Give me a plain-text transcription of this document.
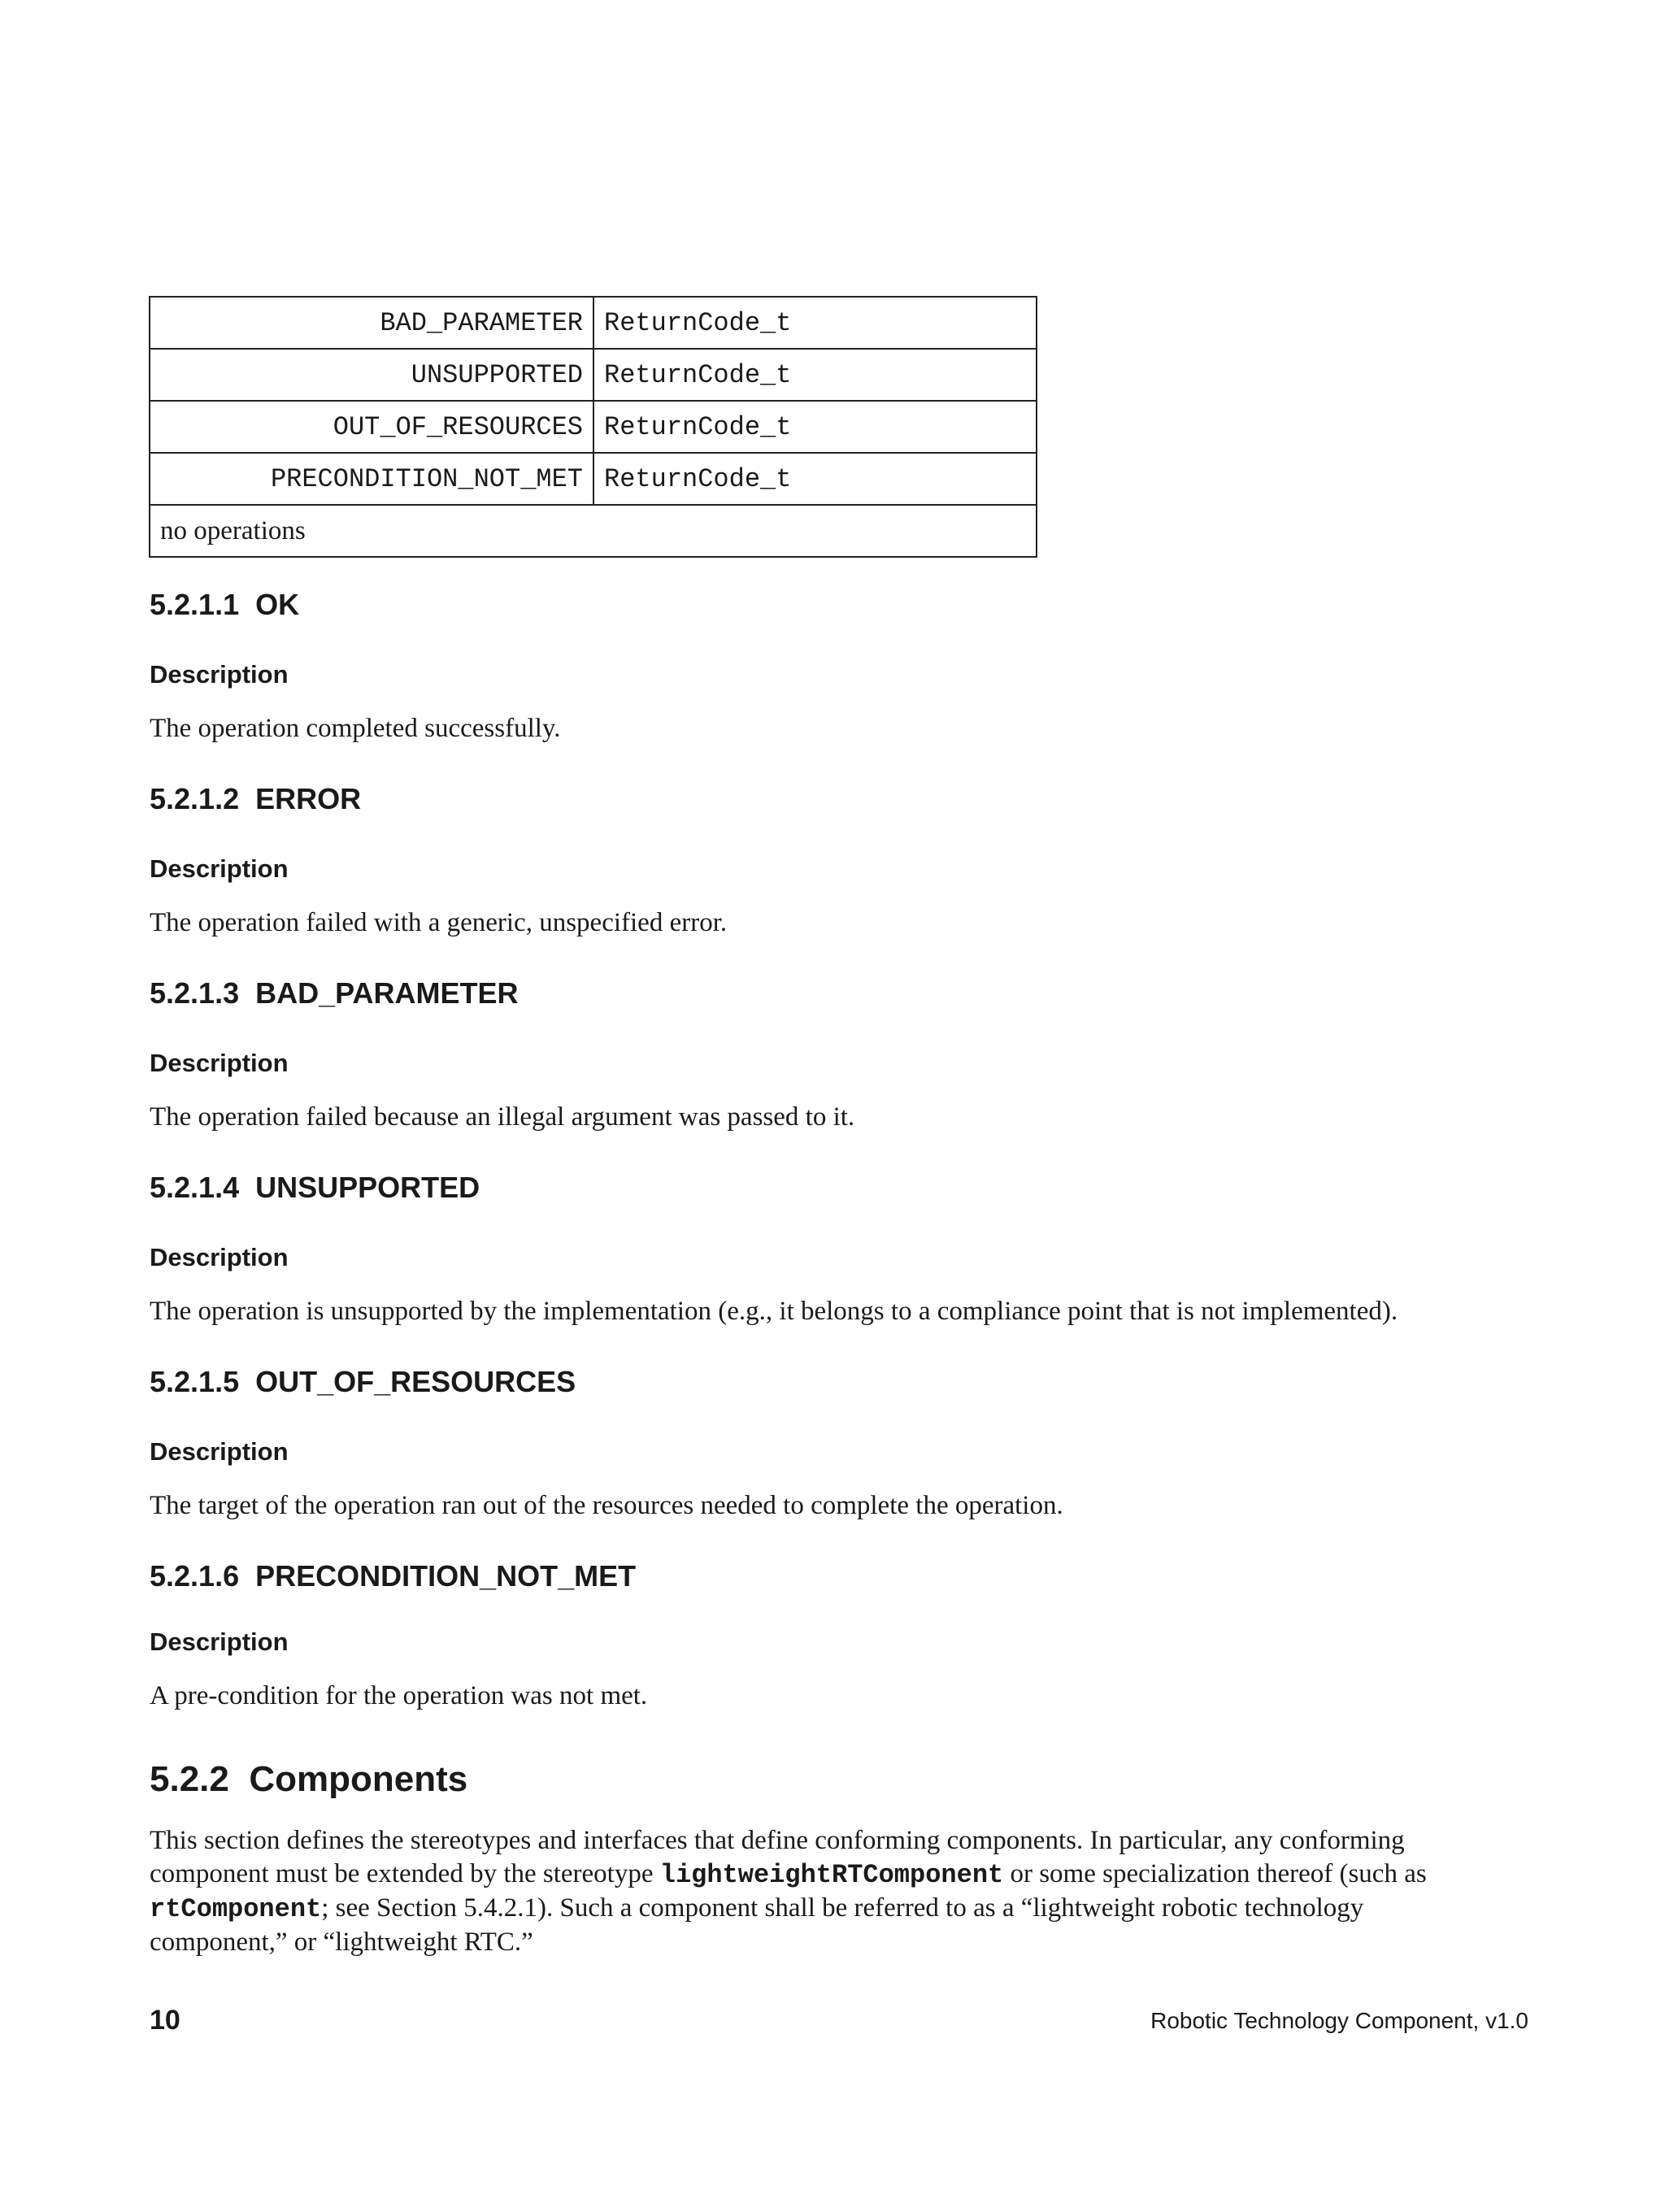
BAD_PARAMETER	ReturnCode_t
UNSUPPORTED	ReturnCode_t
OUT_OF_RESOURCES	ReturnCode_t
PRECONDITION_NOT_MET	ReturnCode_t
no operations	
5.2.1.1 OK

Description

The operation completed successfully.

5.2.1.2 ERROR

Description

The operation failed with a generic, unspecified error.

5.2.1.3 BAD_PARAMETER

Description

The operation failed because an illegal argument was passed to it.

5.2.1.4 UNSUPPORTED

Description

The operation is unsupported by the implementation (e.g., it belongs to a compliance point that is not implemented).

5.2.1.5 OUT_OF_RESOURCES

Description

The target of the operation ran out of the resources needed to complete the operation.

5.2.1.6 PRECONDITION_NOT_MET

Description

A pre-condition for the operation was not met.

5.2.2 Components

This section defines the stereotypes and interfaces that define conforming components. In particular, any conforming
component must be extended by the stereotype lightweightRTComponent or some specialization thereof (such as
rtComponent; see Section 5.4.2.1). Such a component shall be referred to as a “lightweight robotic technology
component,” or “lightweight RTC.”

10	Robotic Technology Component, v1.0
